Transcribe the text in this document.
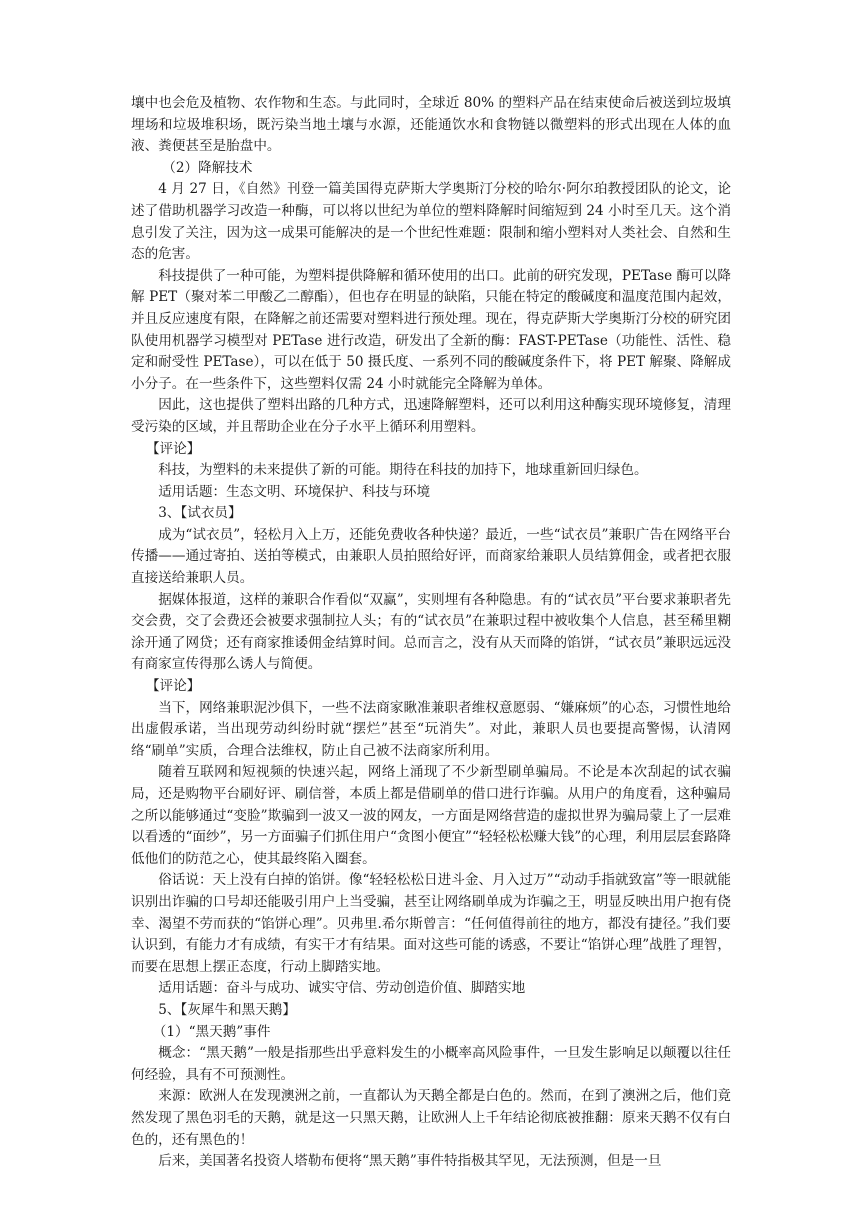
壤中也会危及植物、农作物和生态。与此同时，全球近 80% 的塑料产品在结束使命后被送到垃圾填埋场和垃圾堆积场，既污染当地土壤与水源，还能通饮水和食物链以微塑料的形式出现在人体的血液、粪便甚至是胎盘中。

（2）降解技术

4 月 27 日，《自然》刊登一篇美国得克萨斯大学奥斯汀分校的哈尔·阿尔珀教授团队的论文，论述了借助机器学习改造一种酶，可以将以世纪为单位的塑料降解时间缩短到 24 小时至几天。这个消息引发了关注，因为这一成果可能解决的是一个世纪性难题：限制和缩小塑料对人类社会、自然和生态的危害。

科技提供了一种可能，为塑料提供降解和循环使用的出口。此前的研究发现，PETase 酶可以降解 PET（聚对苯二甲酸乙二醇酯），但也存在明显的缺陷，只能在特定的酸碱度和温度范围内起效，并且反应速度有限，在降解之前还需要对塑料进行预处理。现在，得克萨斯大学奥斯汀分校的研究团队使用机器学习模型对 PETase 进行改造，研发出了全新的酶：FAST-PETase（功能性、活性、稳定和耐受性 PETase），可以在低于 50 摄氏度、一系列不同的酸碱度条件下，将 PET 解聚、降解成小分子。在一些条件下，这些塑料仅需 24 小时就能完全降解为单体。

因此，这也提供了塑料出路的几种方式，迅速降解塑料，还可以利用这种酶实现环境修复，清理受污染的区域，并且帮助企业在分子水平上循环利用塑料。

【评论】

科技，为塑料的未来提供了新的可能。期待在科技的加持下，地球重新回归绿色。

适用话题：生态文明、环境保护、科技与环境

3、【试衣员】

成为“试衣员”，轻松月入上万，还能免费收各种快递？最近，一些“试衣员”兼职广告在网络平台传播——通过寄拍、送拍等模式，由兼职人员拍照给好评，而商家给兼职人员结算佣金，或者把衣服直接送给兼职人员。

据媒体报道，这样的兼职合作看似“双赢”，实则埋有各种隐患。有的“试衣员”平台要求兼职者先交会费，交了会费还会被要求强制拉人头；有的“试衣员”在兼职过程中被收集个人信息，甚至稀里糊涂开通了网贷；还有商家推诿佣金结算时间。总而言之，没有从天而降的馅饼，“试衣员”兼职远远没有商家宣传得那么诱人与简便。

【评论】

当下，网络兼职泥沙俱下，一些不法商家瞅准兼职者维权意愿弱、“嫌麻烦”的心态，习惯性地给出虚假承诺，当出现劳动纠纷时就“摆烂”甚至“玩消失”。对此，兼职人员也要提高警惕，认清网络“刷单”实质，合理合法维权，防止自己被不法商家所利用。

随着互联网和短视频的快速兴起，网络上涌现了不少新型刷单骗局。不论是本次刮起的试衣骗局，还是购物平台刷好评、刷信誉，本质上都是借刷单的借口进行诈骗。从用户的角度看，这种骗局之所以能够通过“变脸”欺骗到一波又一波的网友，一方面是网络营造的虚拟世界为骗局蒙上了一层难以看透的“面纱”，另一方面骗子们抓住用户“贪图小便宜”“轻轻松松赚大钱”的心理，利用层层套路降低他们的防范之心，使其最终陷入圈套。

俗话说：天上没有白掉的馅饼。像“轻轻松松日进斗金、月入过万”“动动手指就致富”等一眼就能识别出诈骗的口号却还能吸引用户上当受骗，甚至让网络刷单成为诈骗之王，明显反映出用户抱有侥幸、渴望不劳而获的“馅饼心理”。贝弗里.希尔斯曾言：“任何值得前往的地方，都没有捷径。”我们要认识到，有能力才有成绩，有实干才有结果。面对这些可能的诱惑，不要让“馅饼心理”战胜了理智，而要在思想上摆正态度，行动上脚踏实地。

适用话题：奋斗与成功、诚实守信、劳动创造价值、脚踏实地

5、【灰犀牛和黑天鹅】

（1）“黑天鹅”事件

概念：“黑天鹅”一般是指那些出乎意料发生的小概率高风险事件，一旦发生影响足以颠覆以往任何经验，具有不可预测性。

来源：欧洲人在发现澳洲之前，一直都认为天鹅全都是白色的。然而，在到了澳洲之后，他们竟然发现了黑色羽毛的天鹅，就是这一只黑天鹅，让欧洲人上千年结论彻底被推翻：原来天鹅不仅有白色的，还有黑色的！

后来，美国著名投资人塔勒布便将“黑天鹅”事件特指极其罕见，无法预测，但是一旦
